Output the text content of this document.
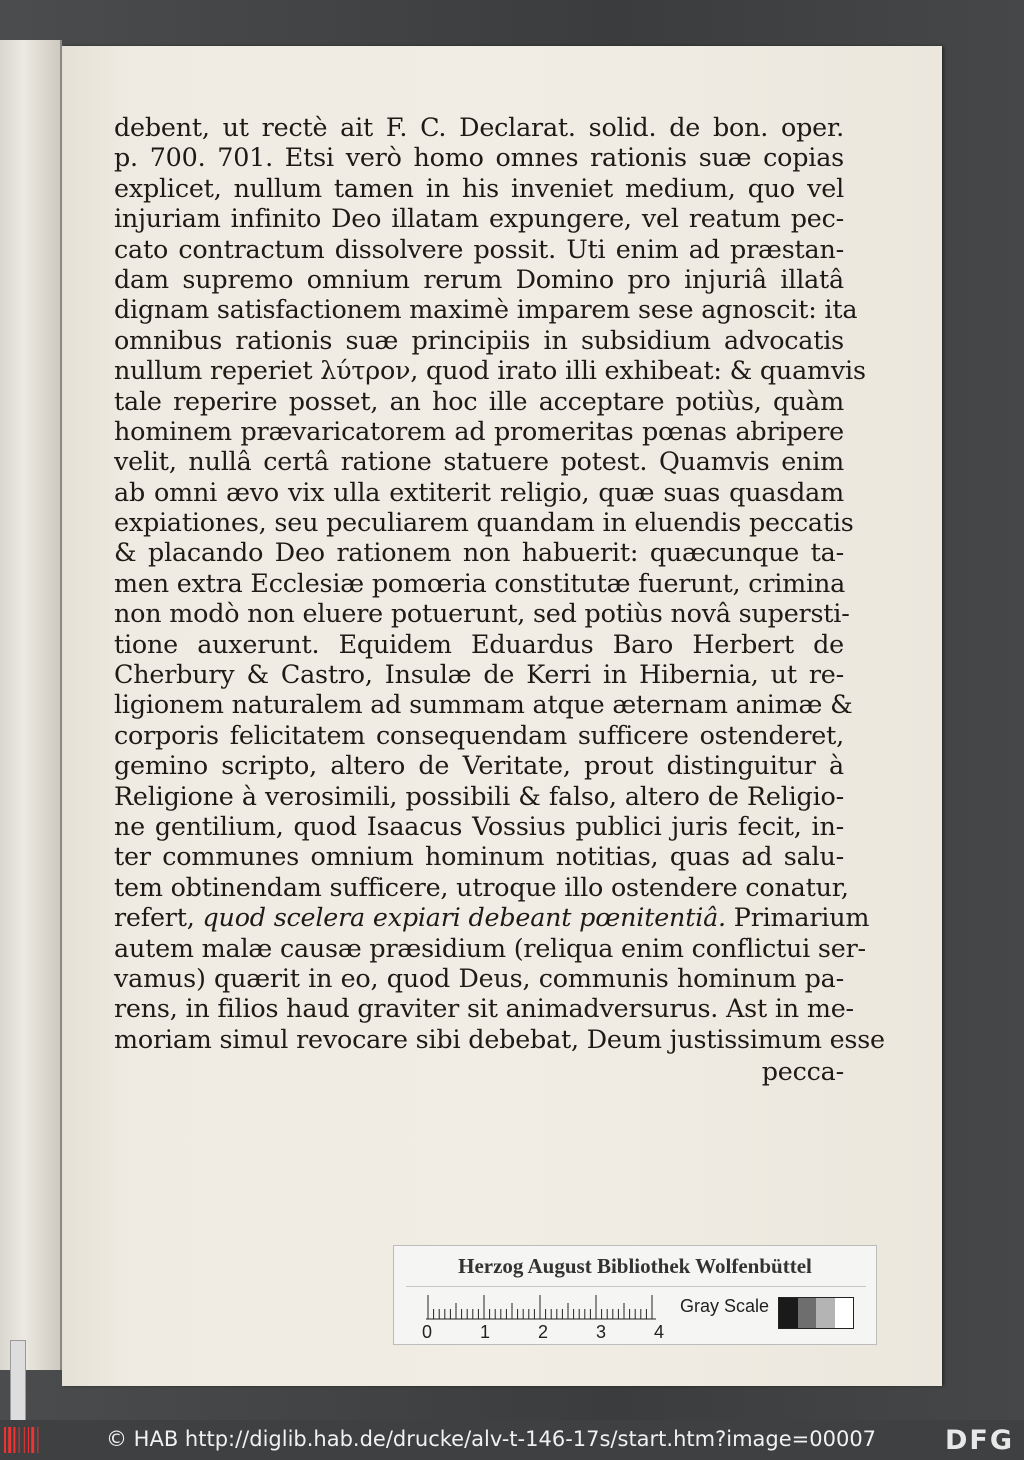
debent, ut rectè ait F. C. Declarat. solid. de bon. oper.
p. 700. 701. Etsi verò homo omnes rationis suæ copias
explicet, nullum tamen in his inveniet medium, quo vel
injuriam infinito Deo illatam expungere, vel reatum pec-
cato contractum dissolvere possit. Uti enim ad præstan-
dam supremo omnium rerum Domino pro injuriâ illatâ
dignam satisfactionem maximè imparem sese agnoscit: ita
omnibus rationis suæ principiis in subsidium advocatis
nullum reperiet λύτρον, quod irato illi exhibeat: & quamvis
tale reperire posset, an hoc ille acceptare potiùs, quàm
hominem prævaricatorem ad promeritas pœnas abripere
velit, nullâ certâ ratione statuere potest. Quamvis enim
ab omni ævo vix ulla extiterit religio, quæ suas quasdam
expiationes, seu peculiarem quandam in eluendis peccatis
& placando Deo rationem non habuerit: quæcunque ta-
men extra Ecclesiæ pomœria constitutæ fuerunt, crimina
non modò non eluere potuerunt, sed potiùs novâ supersti-
tione auxerunt. Equidem Eduardus Baro Herbert de
Cherbury & Castro, Insulæ de Kerri in Hibernia, ut re-
ligionem naturalem ad summam atque æternam animæ &
corporis felicitatem consequendam sufficere ostenderet,
gemino scripto, altero de Veritate, prout distinguitur à
Religione à verosimili, possibili & falso, altero de Religio-
ne gentilium, quod Isaacus Vossius publici juris fecit, in-
ter communes omnium hominum notitias, quas ad salu-
tem obtinendam sufficere, utroque illo ostendere conatur,
refert, quod scelera expiari debeant pœnitentiâ. Primarium
autem malæ causæ præsidium (reliqua enim conflictui ser-
vamus) quærit in eo, quod Deus, communis hominum pa-
rens, in filios haud graviter sit animadversurus. Ast in me-
moriam simul revocare sibi debebat, Deum justissimum esse
pecca-
Herzog August Bibliothek Wolfenbüttel
0	1	2	3	4
Gray Scale
© HAB http://diglib.hab.de/drucke/alv-t-146-17s/start.htm?image=00007	DFG
